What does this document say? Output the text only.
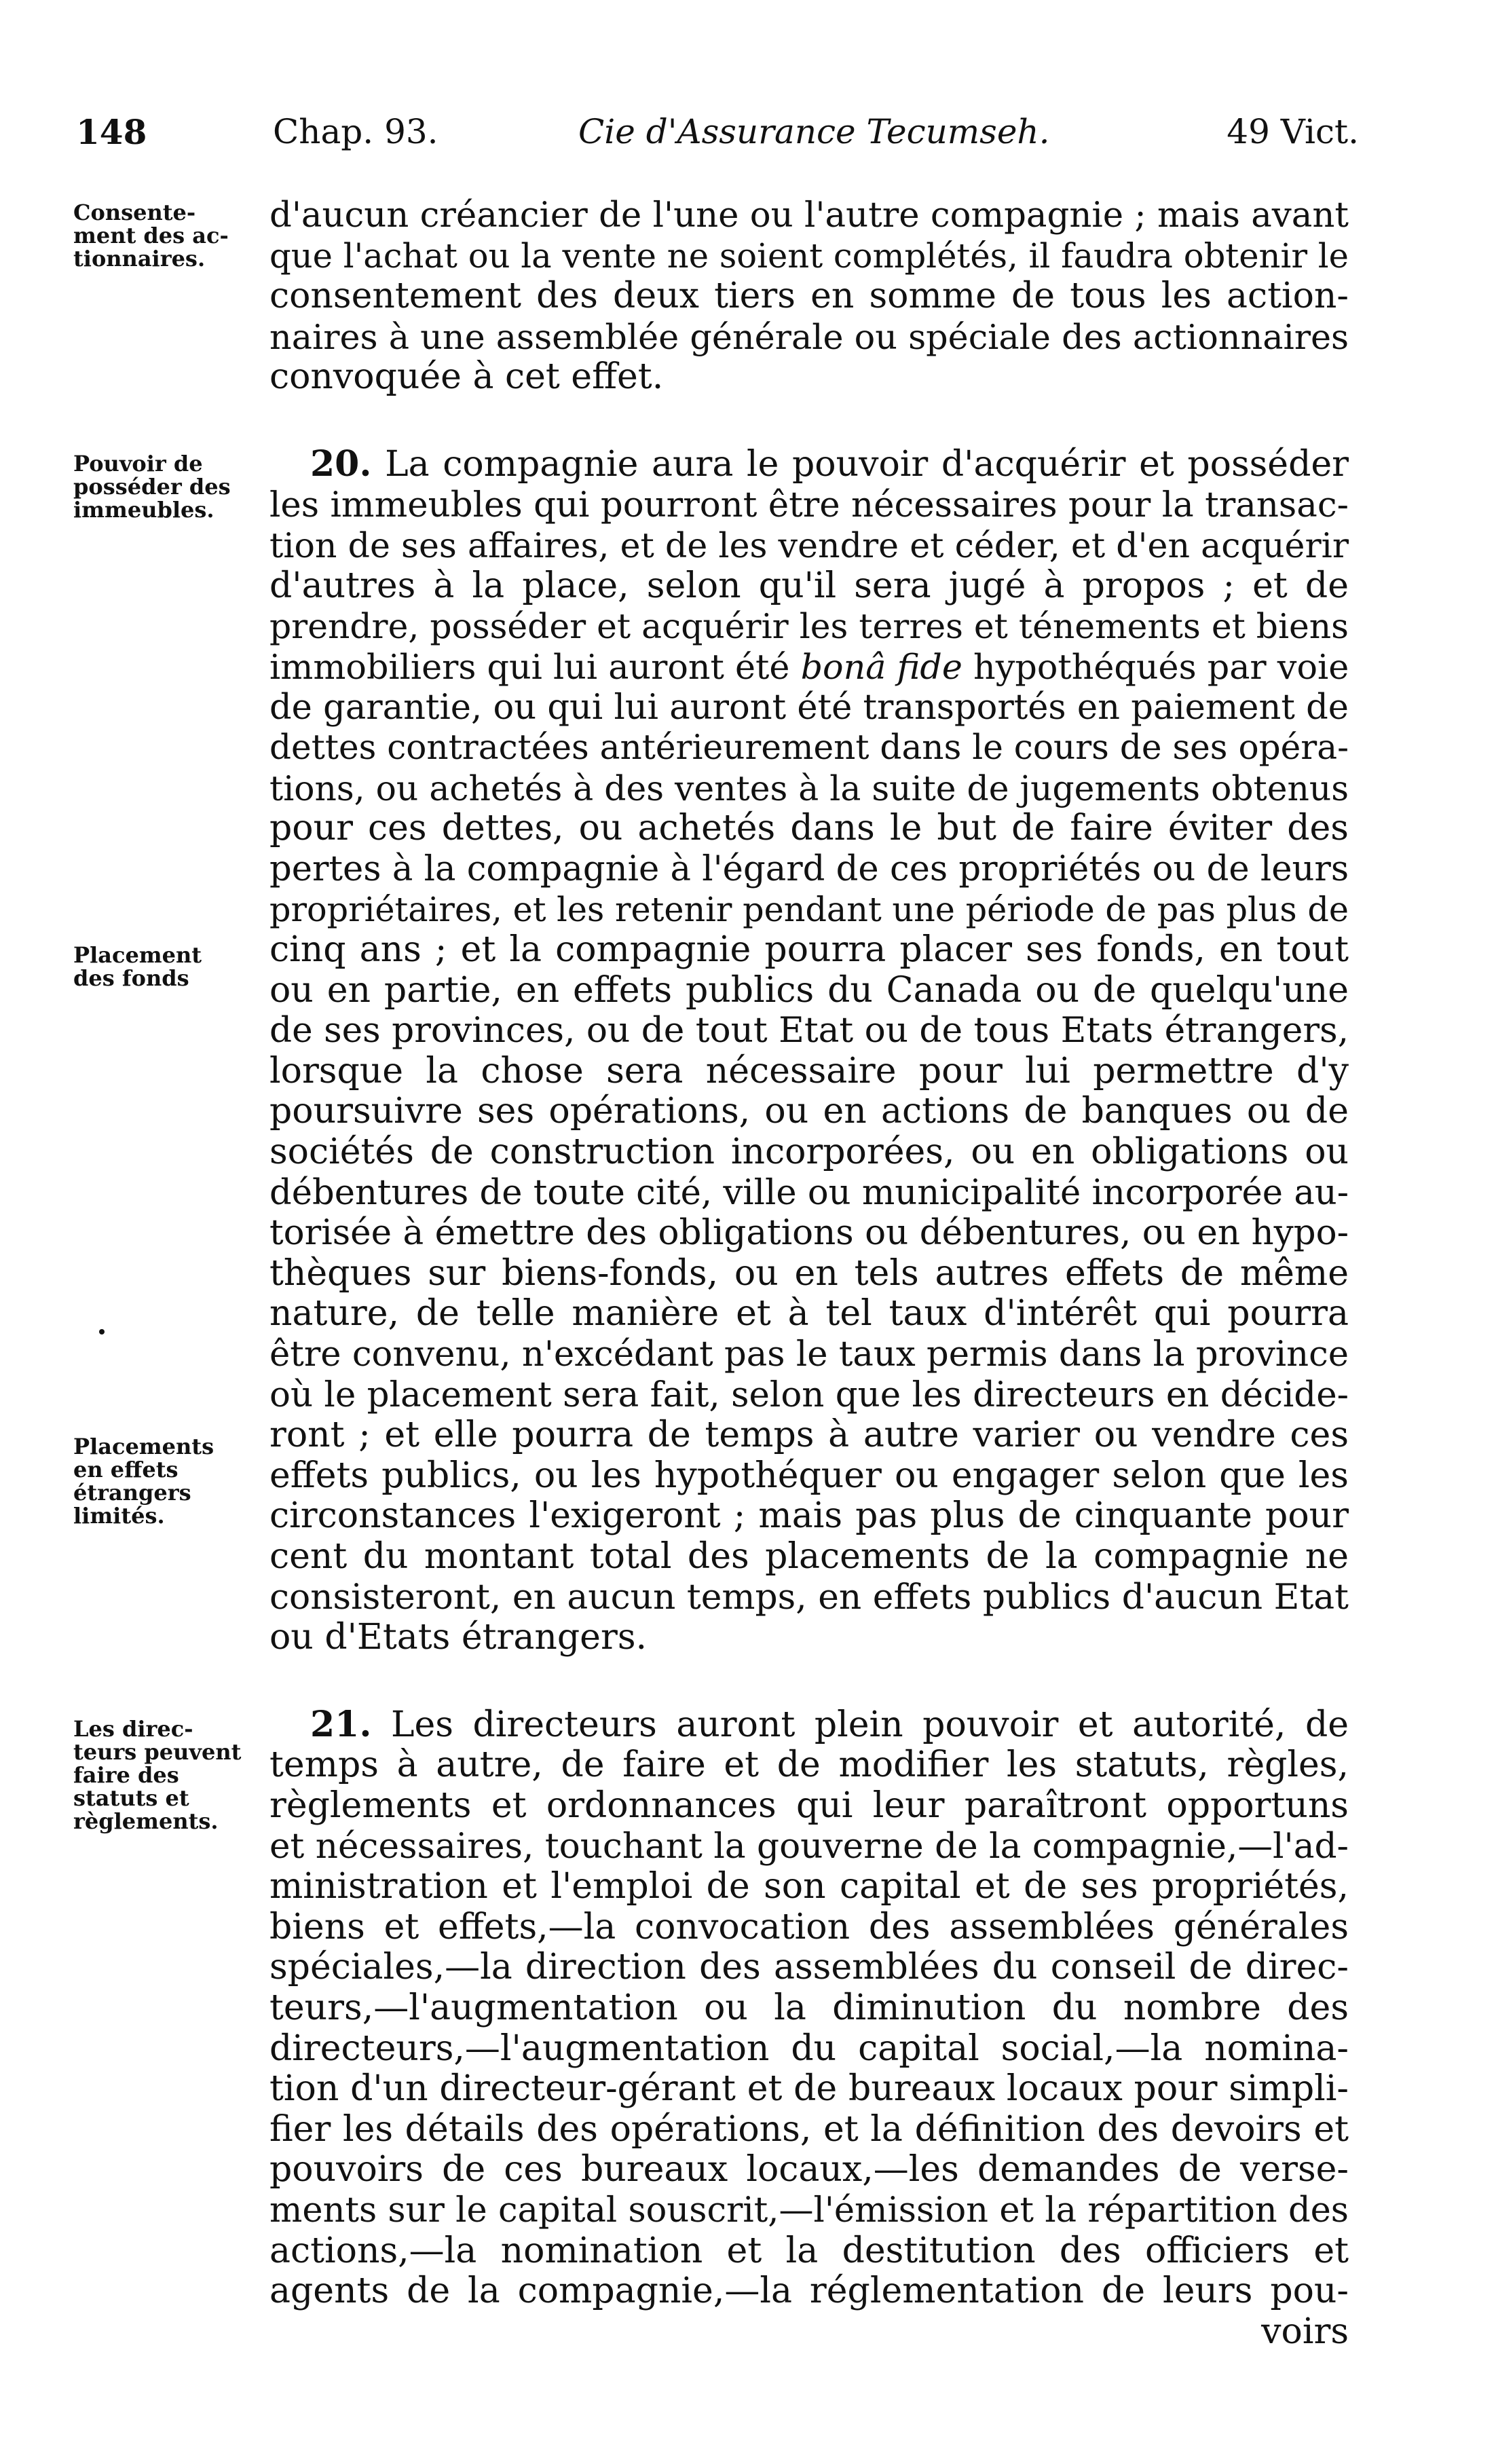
148	Chap. 93.	Cie d'Assurance Tecumseh.	49 Vict.
Consente-
ment des ac-
tionnaires.
Pouvoir de
posséder des
immeubles.
Placement
des fonds
Placements
en effets
étrangers
limités.
Les direc-
teurs peuvent
faire des
statuts et
règlements.
d'aucun créancier de l'une ou l'autre compagnie ; mais avant
que l'achat ou la vente ne soient complétés, il faudra obtenir le
consentement des deux tiers en somme de tous les action-
naires à une assemblée générale ou spéciale des actionnaires
convoquée à cet effet.
20. La compagnie aura le pouvoir d'acquérir et posséder
les immeubles qui pourront être nécessaires pour la transac-
tion de ses affaires, et de les vendre et céder, et d'en acquérir
d'autres à la place, selon qu'il sera jugé à propos ; et de
prendre, posséder et acquérir les terres et ténements et biens
immobiliers qui lui auront été bonâ fide hypothéqués par voie
de garantie, ou qui lui auront été transportés en paiement de
dettes contractées antérieurement dans le cours de ses opéra-
tions, ou achetés à des ventes à la suite de jugements obtenus
pour ces dettes, ou achetés dans le but de faire éviter des
pertes à la compagnie à l'égard de ces propriétés ou de leurs
propriétaires, et les retenir pendant une période de pas plus de
cinq ans ; et la compagnie pourra placer ses fonds, en tout
ou en partie, en effets publics du Canada ou de quelqu'une
de ses provinces, ou de tout Etat ou de tous Etats étrangers,
lorsque la chose sera nécessaire pour lui permettre d'y
poursuivre ses opérations, ou en actions de banques ou de
sociétés de construction incorporées, ou en obligations ou
débentures de toute cité, ville ou municipalité incorporée au-
torisée à émettre des obligations ou débentures, ou en hypo-
thèques sur biens-fonds, ou en tels autres effets de même
nature, de telle manière et à tel taux d'intérêt qui pourra
être convenu, n'excédant pas le taux permis dans la province
où le placement sera fait, selon que les directeurs en décide-
ront ; et elle pourra de temps à autre varier ou vendre ces
effets publics, ou les hypothéquer ou engager selon que les
circonstances l'exigeront ; mais pas plus de cinquante pour
cent du montant total des placements de la compagnie ne
consisteront, en aucun temps, en effets publics d'aucun Etat
ou d'Etats étrangers.
21. Les directeurs auront plein pouvoir et autorité, de
temps à autre, de faire et de modifier les statuts, règles,
règlements et ordonnances qui leur paraîtront opportuns
et nécessaires, touchant la gouverne de la compagnie,—l'ad-
ministration et l'emploi de son capital et de ses propriétés,
biens et effets,—la convocation des assemblées générales
spéciales,—la direction des assemblées du conseil de direc-
teurs,—l'augmentation ou la diminution du nombre des
directeurs,—l'augmentation du capital social,—la nomina-
tion d'un directeur-gérant et de bureaux locaux pour simpli-
fier les détails des opérations, et la définition des devoirs et
pouvoirs de ces bureaux locaux,—les demandes de verse-
ments sur le capital souscrit,—l'émission et la répartition des
actions,—la nomination et la destitution des officiers et
agents de la compagnie,—la réglementation de leurs pou-
voirs
